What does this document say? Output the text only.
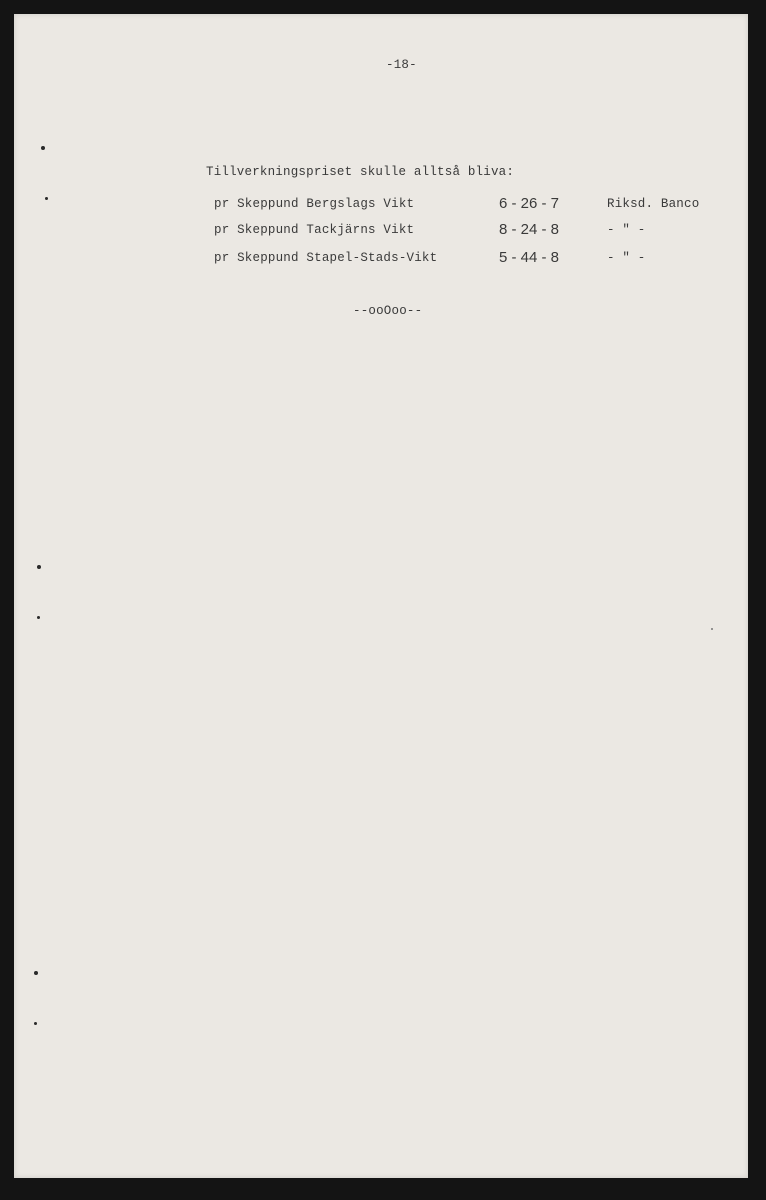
-18-
Tillverkningspriset skulle alltså bliva:
pr Skeppund Bergslags Vikt	6 - 26 - 7	Riksd. Banco
pr Skeppund Tackjärns Vikt	8 - 24 - 8	- " -
pr Skeppund Stapel-Stads-Vikt	5 - 44 - 8	- " -
--ooOoo--
